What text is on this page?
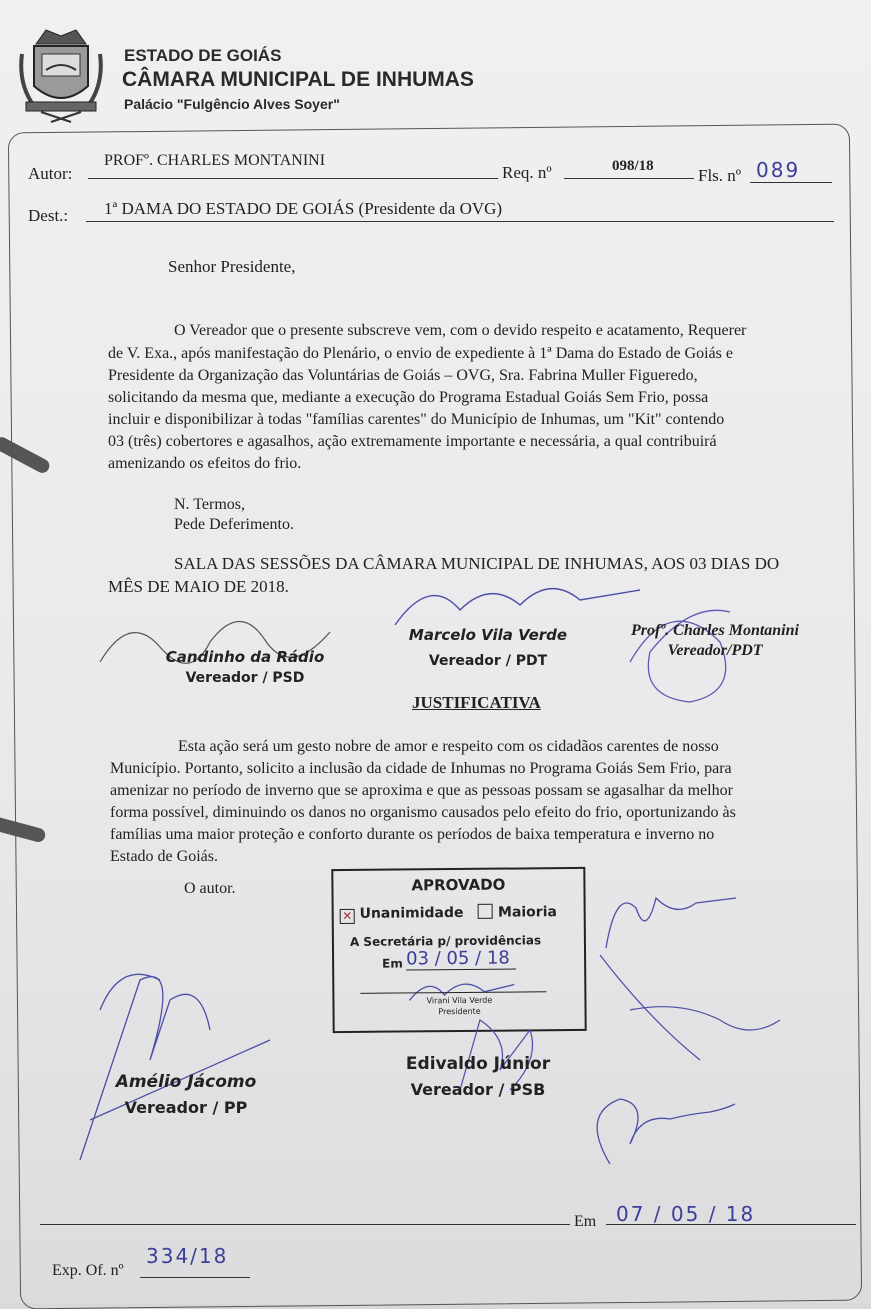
ESTADO DE GOIÁS
CÂMARA MUNICIPAL DE INHUMAS
Palácio "Fulgêncio Alves Soyer"
Autor:
PROFº. CHARLES MONTANINI
Req. nº	098/18	Fls. nº 089
Dest.: 1ª DAMA DO ESTADO DE GOIÁS (Presidente da OVG)
Senhor Presidente,
O Vereador que o presente subscreve vem, com o devido respeito e acatamento, Requerer
de V. Exa., após manifestação do Plenário, o envio de expediente à 1ª Dama do Estado de Goiás e
Presidente da Organização das Voluntárias de Goiás – OVG, Sra. Fabrina Muller Figueredo,
solicitando da mesma que, mediante a execução do Programa Estadual Goiás Sem Frio, possa
incluir e disponibilizar à todas "famílias carentes" do Município de Inhumas, um "Kit" contendo
03 (três) cobertores e agasalhos, ação extremamente importante e necessária, a qual contribuirá
amenizando os efeitos do frio.
N. Termos,
Pede Deferimento.
SALA DAS SESSÕES DA CÂMARA MUNICIPAL DE INHUMAS, AOS 03 DIAS DO
MÊS DE MAIO DE 2018.
Candinho da Rádio
Vereador / PSD
Marcelo Vila Verde
Vereador / PDT
Profº. Charles Montanini
Vereador/PDT
JUSTIFICATIVA
Esta ação será um gesto nobre de amor e respeito com os cidadãos carentes de nosso
Município. Portanto, solicito a inclusão da cidade de Inhumas no Programa Goiás Sem Frio, para
amenizar no período de inverno que se aproxima e que as pessoas possam se agasalhar da melhor
forma possível, diminuindo os danos no organismo causados pelo efeito do frio, oportunizando às
famílias uma maior proteção e conforto durante os períodos de baixa temperatura e inverno no
Estado de Goiás.
O autor.	APROVADO
✕ Unanimidade Maioria
A Secretária p/ providências
Em 03 / 05 / 18
Virani Vila Verde
Presidente
Amélio Jácomo
Vereador / PP
Edivaldo Júnior
Vereador / PSB
Em 07 / 05 / 18
Exp. Of. nº
334/18
